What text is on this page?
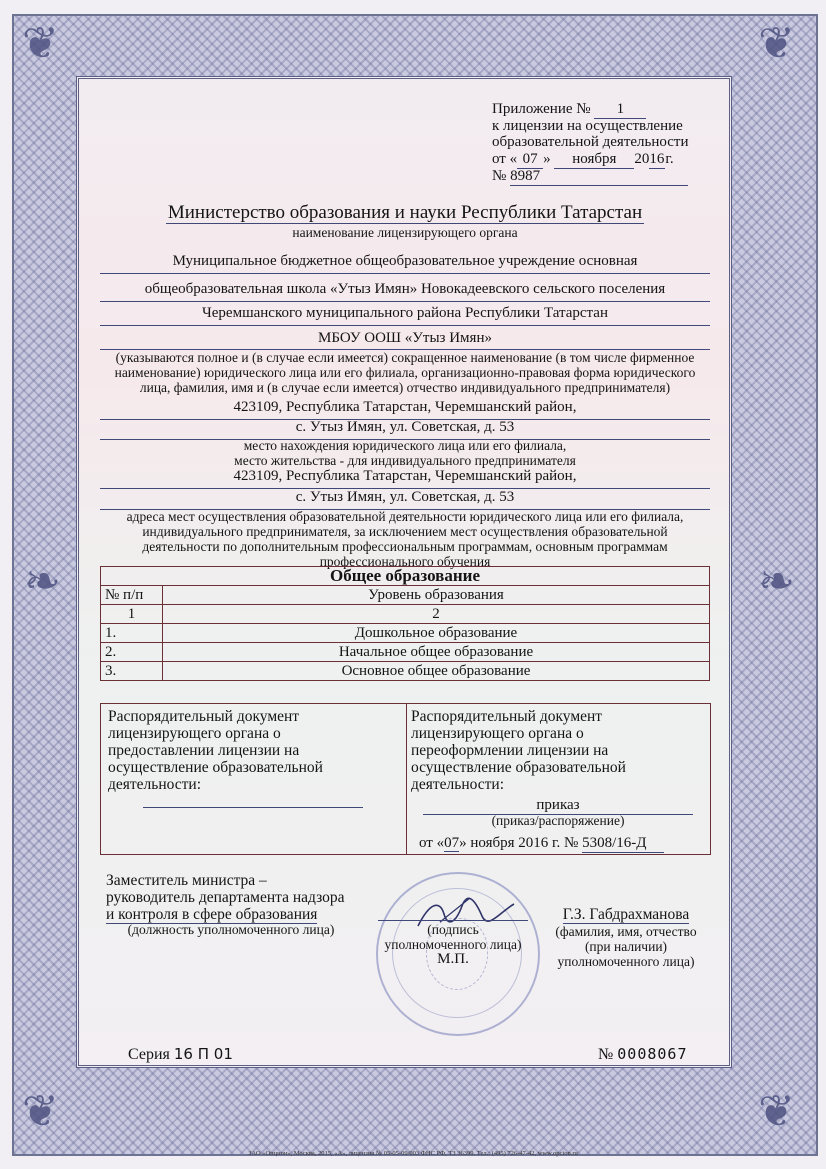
❦	❦
❦	❦
❧	❧
Приложение № 1
к лицензии на осуществление
образовательной деятельности
от « 07 » ноября 2016г.
№ 8987
Министерство образования и науки Республики Татарстан
наименование лицензирующего органа
Муниципальное бюджетное общеобразовательное учреждение основная
общеобразовательная школа «Утыз Имян» Новокадеевского сельского поселения
Черемшанского муниципального района Республики Татарстан
МБОУ ООШ «Утыз Имян»
(указываются полное и (в случае если имеется) сокращенное наименование (в том числе фирменное
наименование) юридического лица или его филиала, организационно-правовая форма юридического
лица, фамилия, имя и (в случае если имеется) отчество индивидуального предпринимателя)
423109, Республика Татарстан, Черемшанский район,
с. Утыз Имян, ул. Советская, д. 53
место нахождения юридического лица или его филиала,
место жительства - для индивидуального предпринимателя
423109, Республика Татарстан, Черемшанский район,
с. Утыз Имян, ул. Советская, д. 53
адреса мест осуществления образовательной деятельности юридического лица или его филиала,
индивидуального предпринимателя, за исключением мест осуществления образовательной
деятельности по дополнительным профессиональным программам, основным программам
профессионального обучения
Общее образование	
№ п/п	Уровень образования
1	2
1.	Дошкольное образование
2.	Начальное общее образование
3.	Основное общее образование
Распорядительный документ
лицензирующего органа о
предоставлении лицензии на
осуществление образовательной
деятельности:
Распорядительный документ
лицензирующего органа о
переоформлении лицензии на
осуществление образовательной
деятельности:
приказ
(приказ/распоряжение)
от «07» ноября 2016 г. № 5308/16-Д
Заместитель министра –
руководитель департамента надзора
и контроля в сфере образования
(должность уполномоченного лица)	(подпись
уполномоченного лица)
М.П.
Г.З. Габдрахманова
(фамилия, имя, отчество
(при наличии)
уполномоченного лица)
Серия 16 П 01	№ 0008067
ЗАО «Опцион», Москва, 2015, «А», лицензия № 05-05-09/003 ФНС РФ, ТЗ 36399. Тел.: (495) 726-47-42, www.opcion.ru
